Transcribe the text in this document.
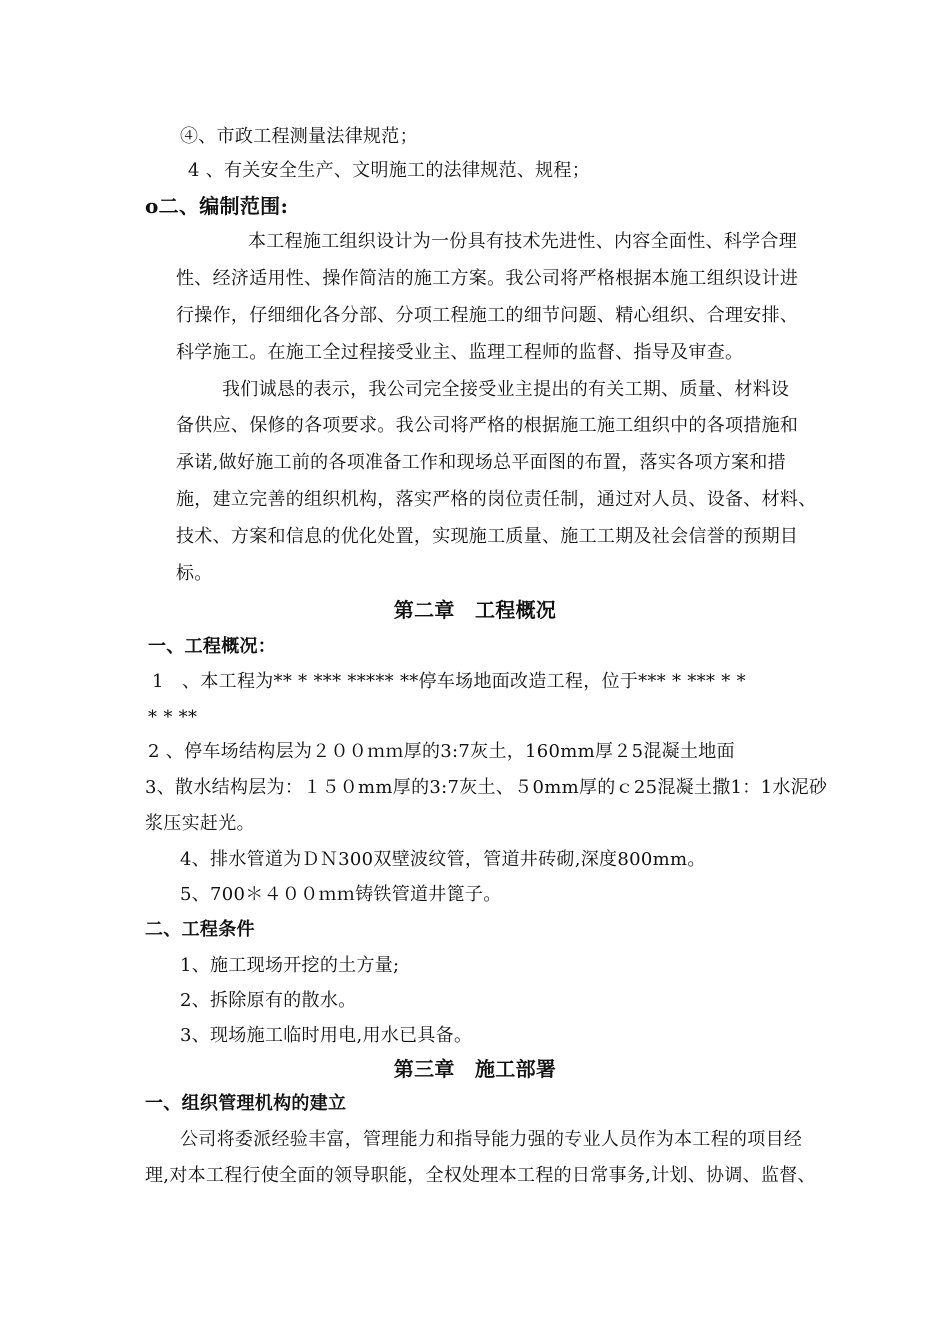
④、市政工程测量法律规范；
4 、有关安全生产、文明施工的法律规范、规程；
o二、编制范围:
本工程施工组织设计为一份具有技术先进性、内容全面性、科学合理
性、经济适用性、操作简洁的施工方案。我公司将严格根据本施工组织设计进
行操作，仔细细化各分部、分项工程施工的细节问题、精心组织、合理安排、
科学施工。在施工全过程接受业主、监理工程师的监督、指导及审查。
我们诚恳的表示，我公司完全接受业主提出的有关工期、质量、材料设
备供应、保修的各项要求。我公司将严格的根据施工施工组织中的各项措施和
承诺,做好施工前的各项准备工作和现场总平面图的布置，落实各项方案和措
施，建立完善的组织机构，落实严格的岗位责任制，通过对人员、设备、材料、
技术、方案和信息的优化处置，实现施工质量、施工工期及社会信誉的预期目
标。
第二章　工程概况
一、工程概况：
1　、本工程为** * *** ***** **停车场地面改造工程，位于*** * *** * *
* * **
2 、停车场结构层为２００ｍｍ厚的3:7灰土，160mm厚２5混凝土地面
3、散水结构层为：１５０mm厚的3:7灰土、５0mm厚的ｃ25混凝土撒1：1水泥砂
浆压实赶光。
4、排水管道为ＤＮ300双壁波纹管，管道井砖砌,深度800mm。
5、700＊４００ｍｍ铸铁管道井篦子。
二、工程条件
1、施工现场开挖的土方量;
2、拆除原有的散水。
3、现场施工临时用电,用水已具备。
第三章　施工部署
一、组织管理机构的建立
公司将委派经验丰富，管理能力和指导能力强的专业人员作为本工程的项目经
理,对本工程行使全面的领导职能，全权处理本工程的日常事务,计划、协调、监督、
